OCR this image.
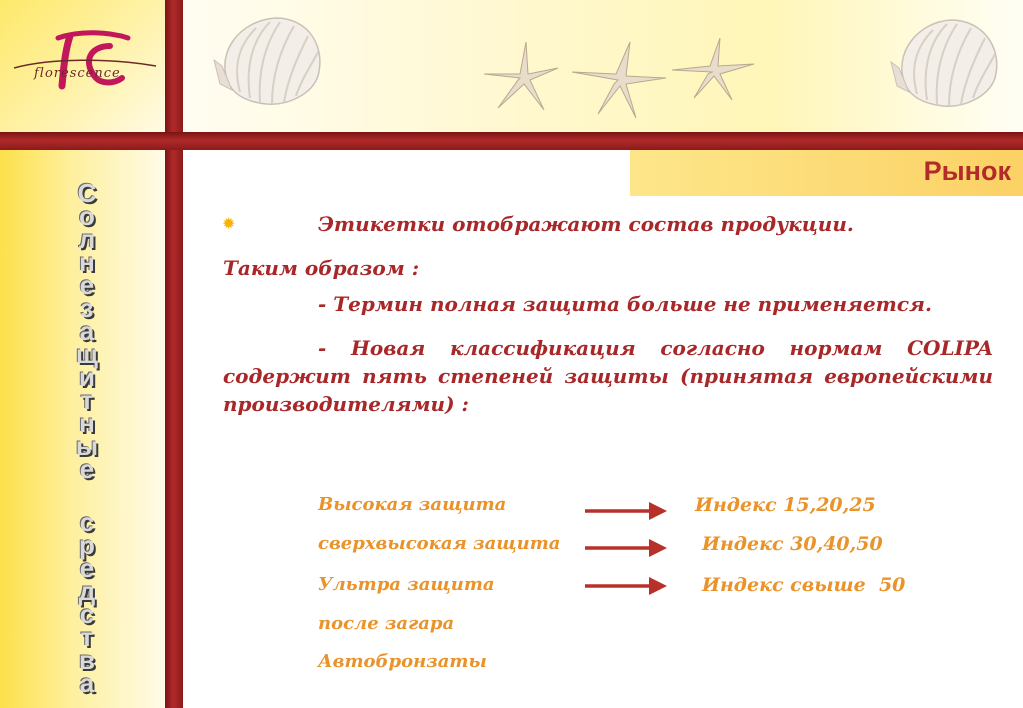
florescence
Рынок
С
о
л
н
е
з
а
щ
и
т
н
ы
е
с
р
е
д
с
т
в
а
✹	Этикетки отображают состав продукции.
Таким образом :
- Термин полная защита больше не применяется.
- Новая классификация согласно нормам COLIPA содержит пять степеней защиты (принятая европейскими производителями) :
Высокая защита
сверхвысокая защита
Ультра защита
после загара
Автобронзаты
Индекс 15,20,25
Индекс 30,40,50
Индекс свыше  50
